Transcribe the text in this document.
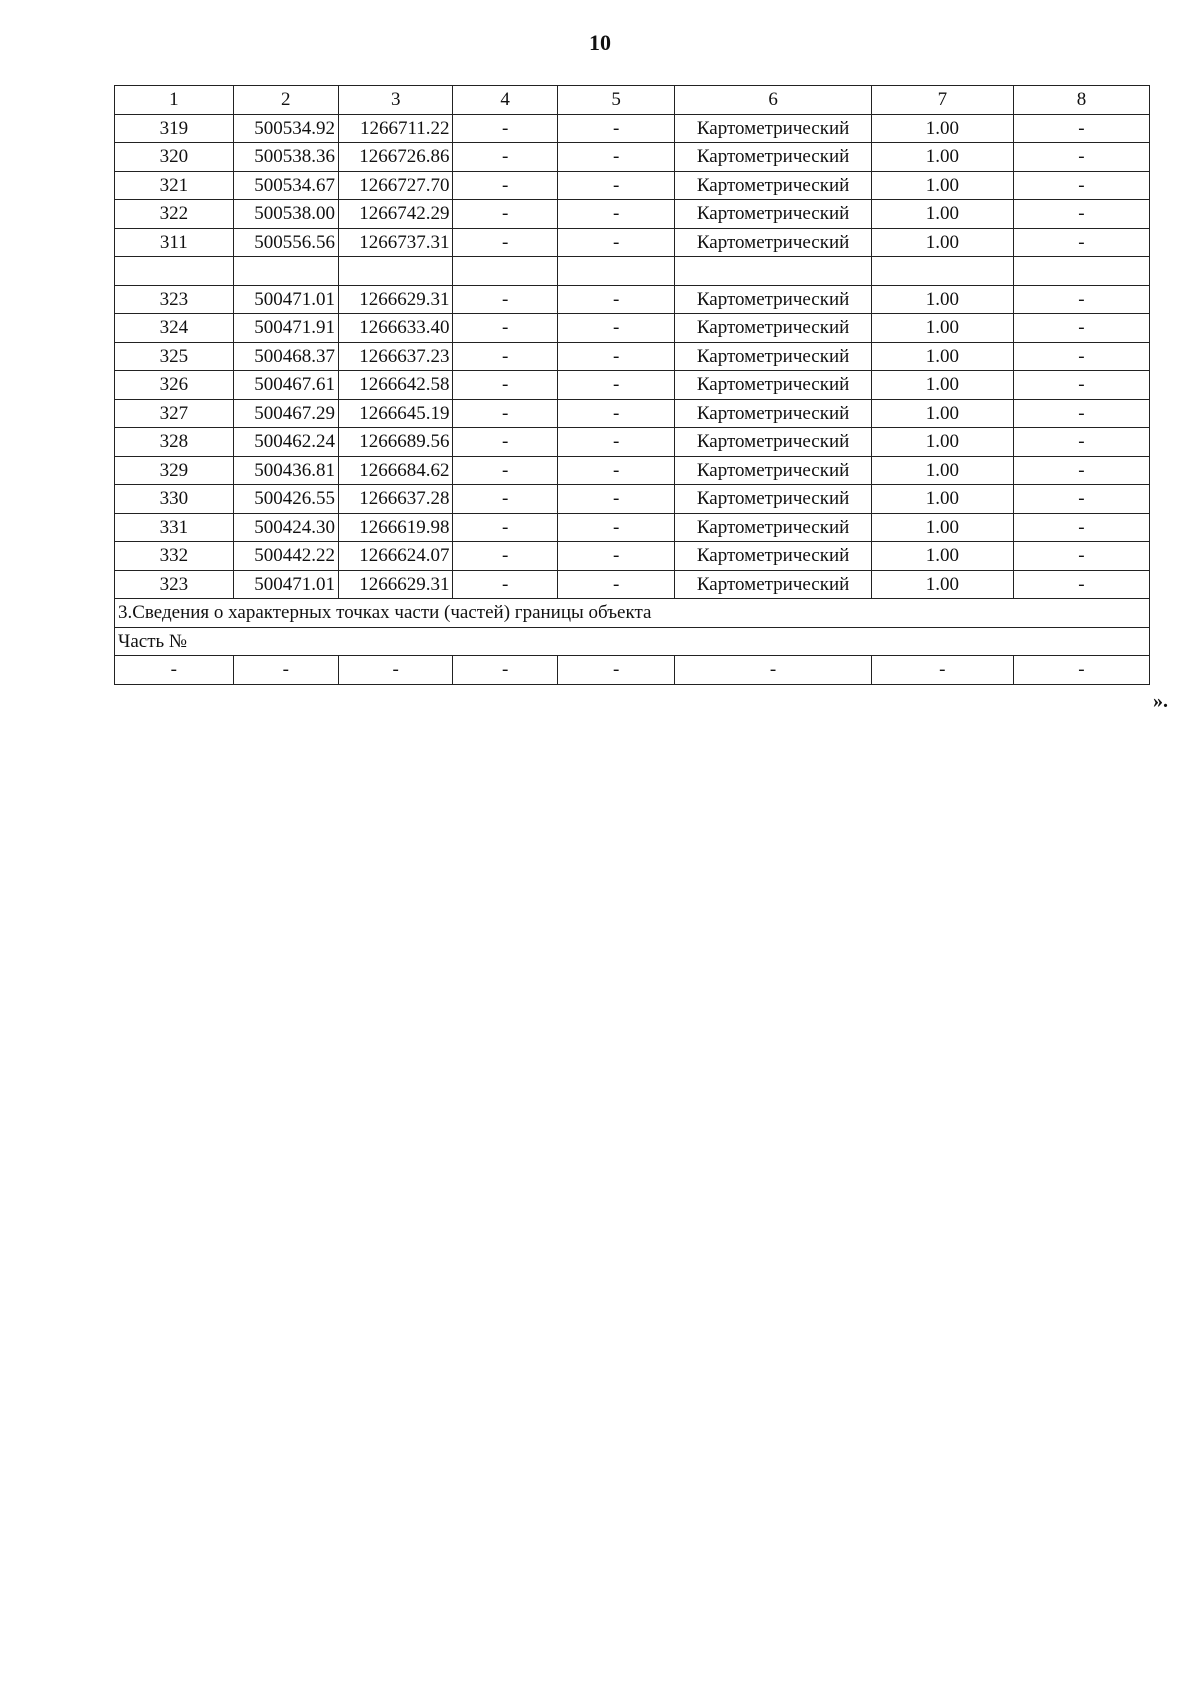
10
1	2	3	4	5	6	7	8
319	500534.92	1266711.22	-	-	Картометрический	1.00	-
320	500538.36	1266726.86	-	-	Картометрический	1.00	-
321	500534.67	1266727.70	-	-	Картометрический	1.00	-
322	500538.00	1266742.29	-	-	Картометрический	1.00	-
311	500556.56	1266737.31	-	-	Картометрический	1.00	-

323	500471.01	1266629.31	-	-	Картометрический	1.00	-
324	500471.91	1266633.40	-	-	Картометрический	1.00	-
325	500468.37	1266637.23	-	-	Картометрический	1.00	-
326	500467.61	1266642.58	-	-	Картометрический	1.00	-
327	500467.29	1266645.19	-	-	Картометрический	1.00	-
328	500462.24	1266689.56	-	-	Картометрический	1.00	-
329	500436.81	1266684.62	-	-	Картометрический	1.00	-
330	500426.55	1266637.28	-	-	Картометрический	1.00	-
331	500424.30	1266619.98	-	-	Картометрический	1.00	-
332	500442.22	1266624.07	-	-	Картометрический	1.00	-
323	500471.01	1266629.31	-	-	Картометрический	1.00	-
3.Сведения о характерных точках части (частей) границы объекта							
Часть №							
-	-	-	-	-	-	-	-
».
